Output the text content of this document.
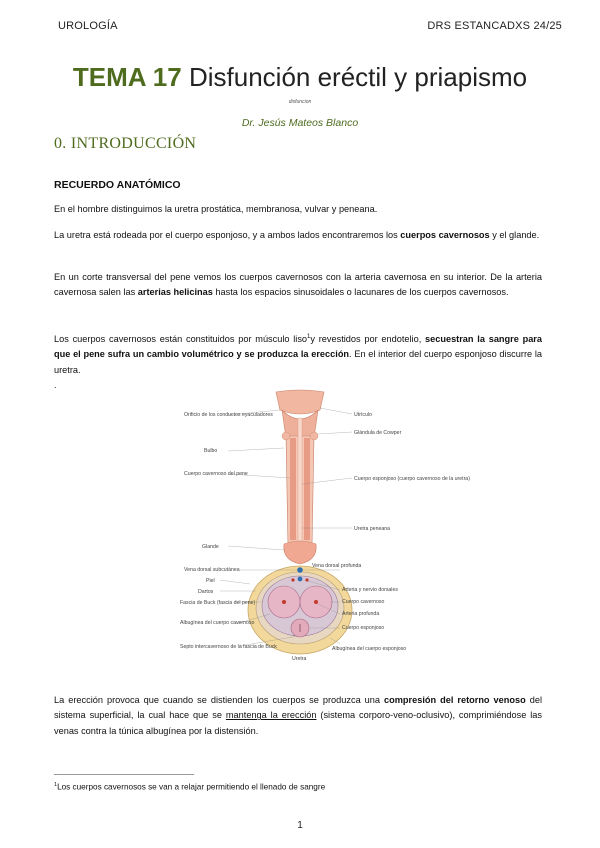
UROLOGÍA	DRS ESTANCADXS 24/25
TEMA 17 Disfunción eréctil y priapismo
disfuncion
Dr. Jesús Mateos Blanco
0. INTRODUCCIÓN
RECUERDO ANATÓMICO
En el hombre distinguimos la uretra prostática, membranosa, vulvar y peneana.
La uretra está rodeada por el cuerpo esponjoso, y a ambos lados encontraremos los cuerpos cavernosos y el glande.
En un corte transversal del pene vemos los cuerpos cavernosos con la arteria cavernosa en su interior. De la arteria cavernosa salen las arterias helicinas hasta los espacios sinusoidales o lacunares de los cuerpos cavernosos.
Los cuerpos cavernosos están constituidos por músculo liso$^1$y revestidos por endotelio, secuestran la sangre para que el pene sufra un cambio volumétrico y se produzca la erección. En el interior del cuerpo esponjoso discurre la uretra.
.
Orificio de los conductos eyaculadores
Bulbo
Cuerpo cavernoso del pene
Glande
Utrículo
Glándula de Cowper
Cuerpo esponjoso (cuerpo cavernoso de la uretra)
Uretra peneana
Vena dorsal subcutánea
Piel
Dartos
Fascia de Buck (fascia del pene)
Albugínea del cuerpo cavernoso
Septo intercavernoso de la fascia de Buck
Vena dorsal profunda
Arteria y nervio dorsales
Cuerpo cavernoso
Arteria profunda
Cuerpo esponjoso
Albugínea del cuerpo esponjoso
Uretra
La erección provoca que cuando se distienden los cuerpos se produzca una compresión del retorno venoso del sistema superficial, la cual hace que se mantenga la erección (sistema corporo-veno-oclusivo), comprimiéndose las venas contra la túnica albugínea por la distensión.
$^1$Los cuerpos cavernosos se van a relajar permitiendo el llenado de sangre
1
